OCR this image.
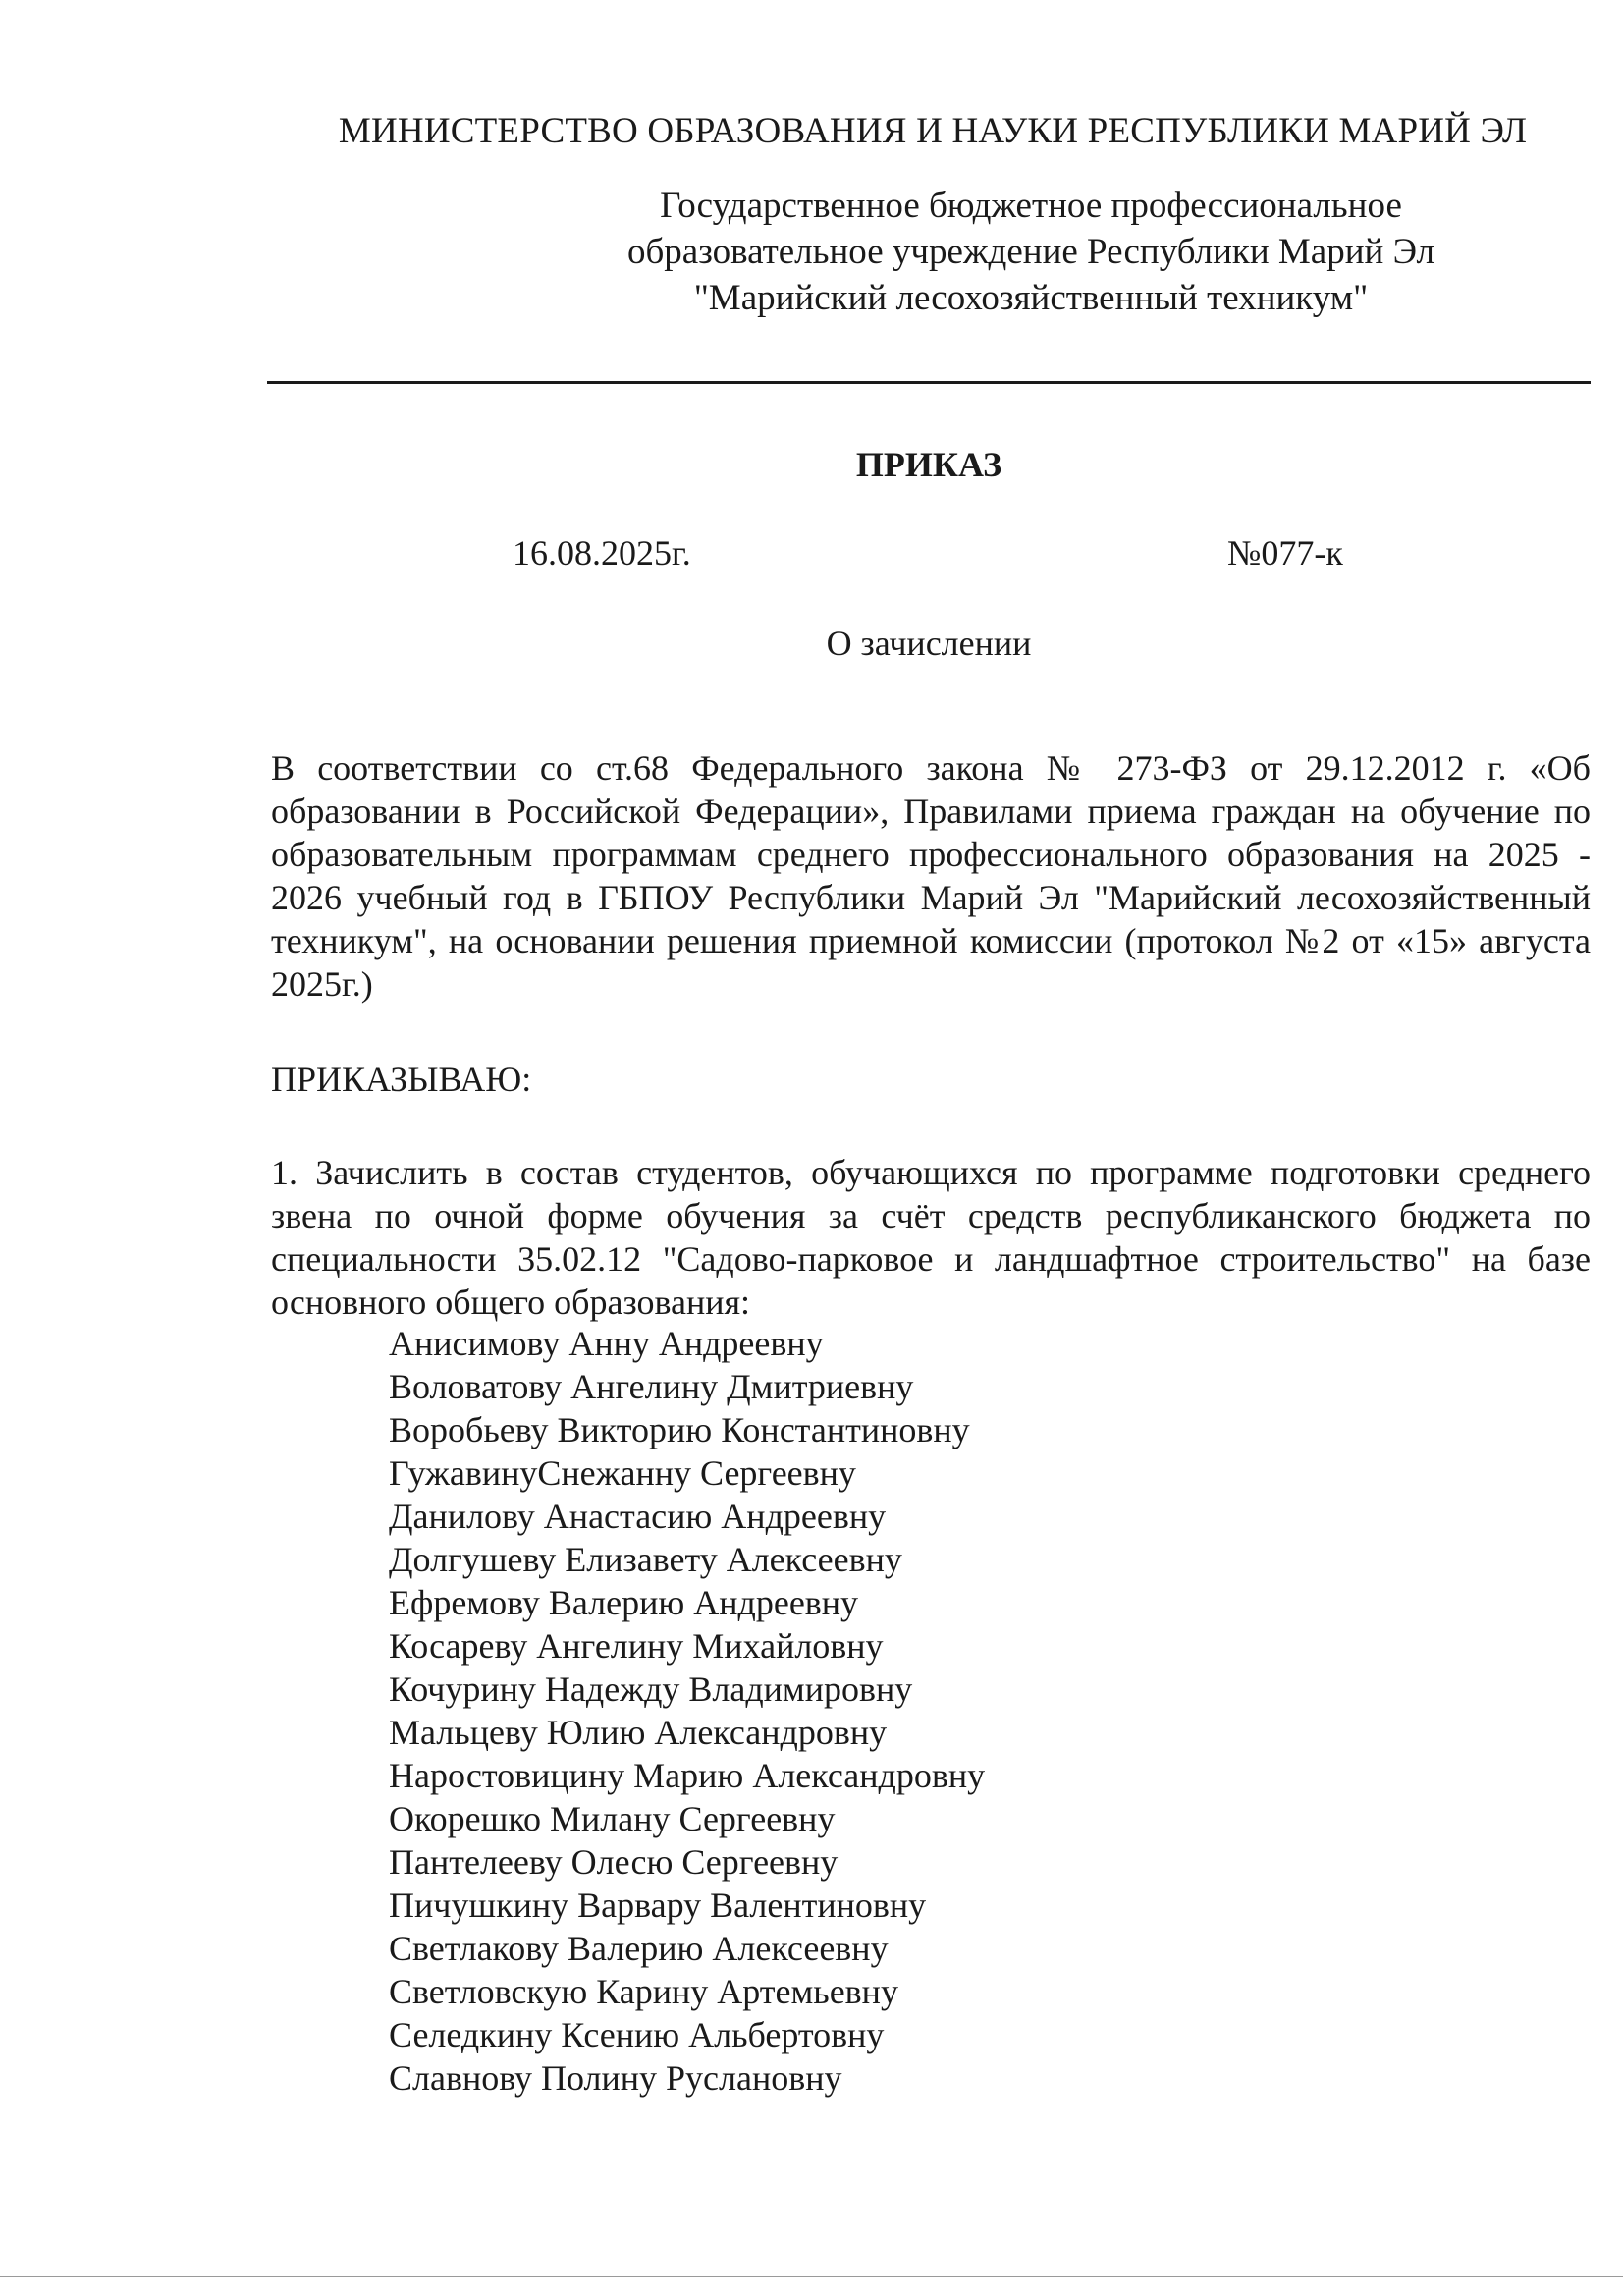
МИНИСТЕРСТВО ОБРАЗОВАНИЯ И НАУКИ РЕСПУБЛИКИ МАРИЙ ЭЛ
Государственное бюджетное профессиональное
образовательное учреждение Республики Марий Эл
"Марийский лесохозяйственный техникум"
ПРИКАЗ
16.08.2025г.	№077-к
О зачислении
В соответствии со ст.68 Федерального закона № 273-ФЗ от 29.12.2012 г. «Об образовании в Российской Федерации», Правилами приема граждан на обучение по образовательным программам среднего профессионального образования на 2025 - 2026 учебный год в ГБПОУ Республики Марий Эл "Марийский лесохозяйственный техникум", на основании решения приемной комиссии (протокол №2 от «15» августа 2025г.)
ПРИКАЗЫВАЮ:
1. Зачислить в состав студентов, обучающихся по программе подготовки среднего звена по очной форме обучения за счёт средств республиканского бюджета по специальности 35.02.12 "Садово-парковое и ландшафтное строительство" на базе основного общего образования:
Анисимову Анну Андреевну
Воловатову Ангелину Дмитриевну
Воробьеву Викторию Константиновну
ГужавинуСнежанну Сергеевну
Данилову Анастасию Андреевну
Долгушеву Елизавету Алексеевну
Ефремову Валерию Андреевну
Косареву Ангелину Михайловну
Кочурину Надежду Владимировну
Мальцеву Юлию Александровну
Наростовицину Марию Александровну
Окорешко Милану Сергеевну
Пантелееву Олесю Сергеевну
Пичушкину Варвару Валентиновну
Светлакову Валерию Алексеевну
Светловскую Карину Артемьевну
Селедкину Ксению Альбертовну
Славнову Полину Руслановну
